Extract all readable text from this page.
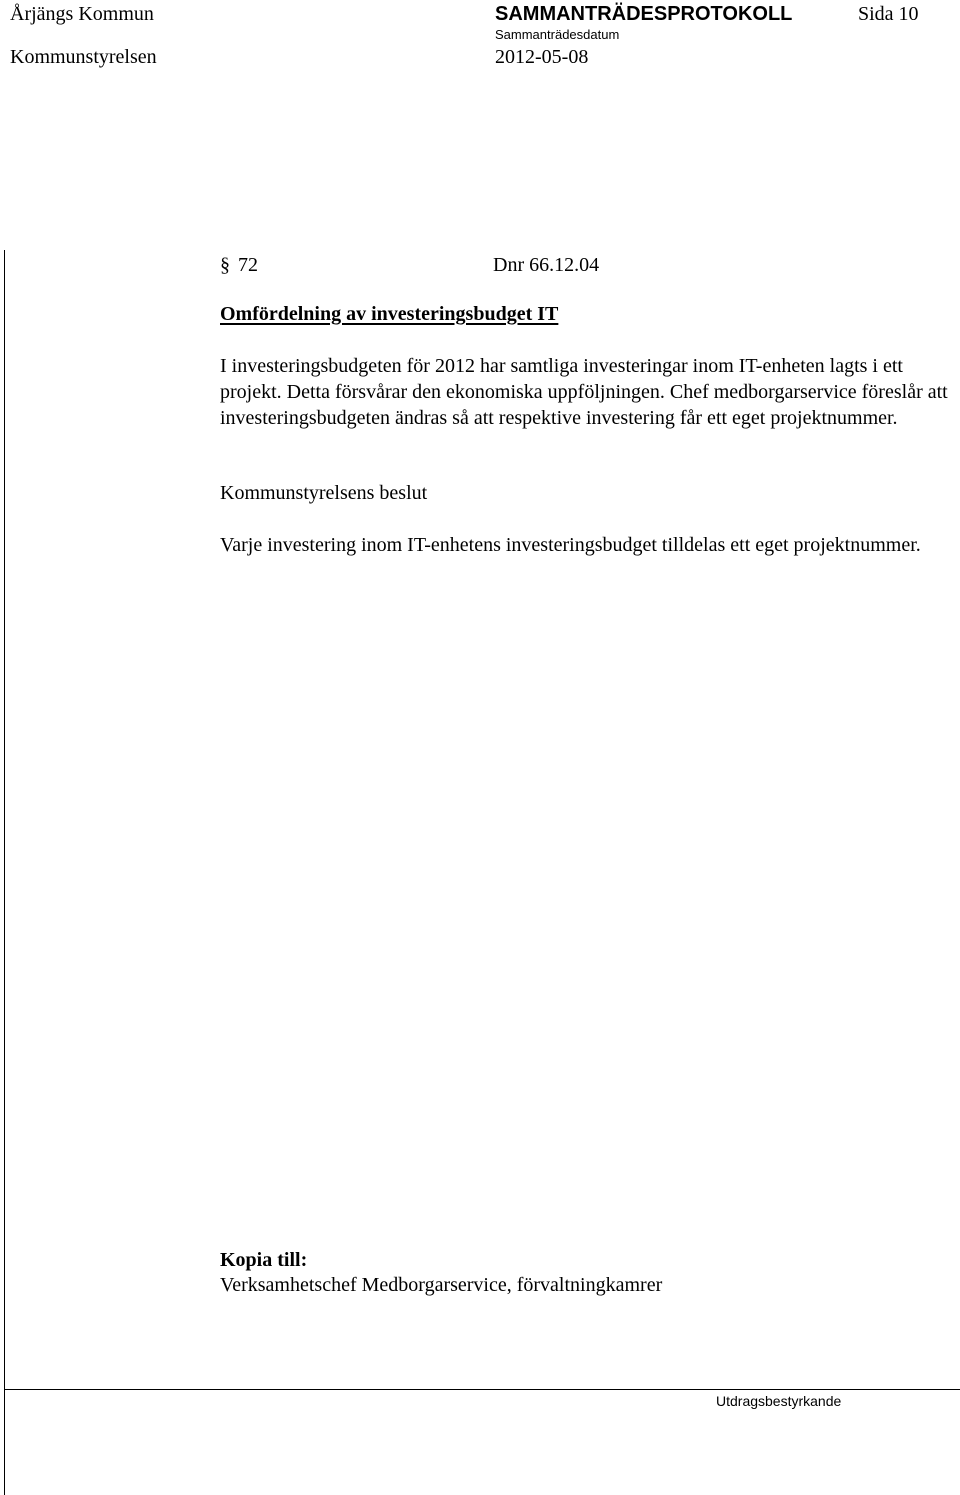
Årjängs Kommun	SAMMANTRÄDESPROTOKOLL	Sida 10
Kommunstyrelsen
Sammanträdesdatum
2012-05-08
§ 72	Dnr 66.12.04
Omfördelning av investeringsbudget IT
I investeringsbudgeten för 2012 har samtliga investeringar inom IT-enheten lagts i ett projekt. Detta försvårar den ekonomiska uppföljningen. Chef medborgarservice föreslår att investeringsbudgeten ändras så att respektive investering får ett eget projektnummer.
Kommunstyrelsens beslut
Varje investering inom IT-enhetens investeringsbudget tilldelas ett eget projektnummer.
Kopia till:
Verksamhetschef Medborgarservice, förvaltningkamrer
Utdragsbestyrkande
